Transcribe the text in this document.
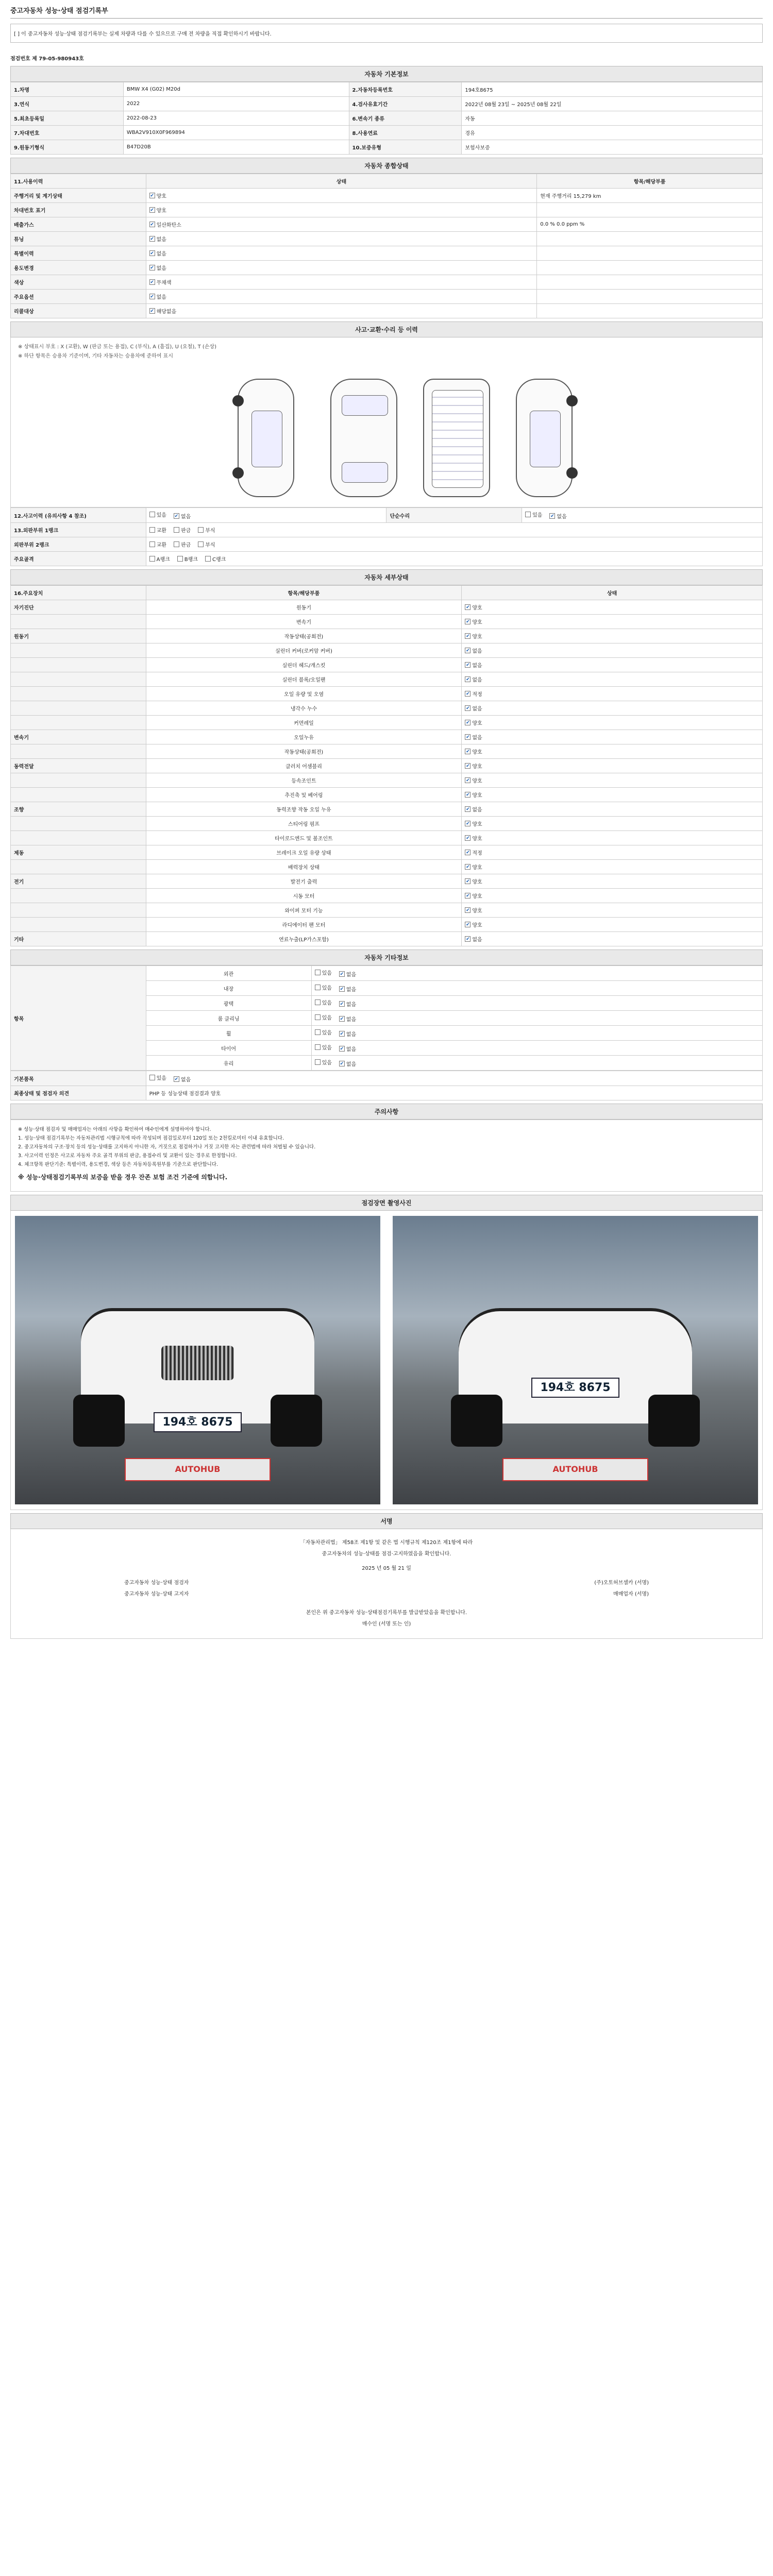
중고자동차 성능·상태 점검기록부
[ ] 이 중고자동차 성능·상태 점검기록부는 실제 차량과 다를 수 있으므로 구매 전 차량을 직접 확인하시기 바랍니다.
점검번호 제 79-05-980943호
자동차 기본정보
1.차명	BMW X4 (G02) M20d	2.자동차등록번호	194호8675
3.연식	2022	4.검사유효기간	2022년 08월 23일 ~ 2025년 08월 22일
5.최초등록일	2022-08-23	6.변속기 종류	자동
7.차대번호	WBA2V910X0F969894	8.사용연료	경유
9.원동기형식	B47D20B	10.보증유형	보험사보증
자동차 종합상태
11.사용이력	상태	항목/해당부품
주행거리 및 계기상태	
✔양호	현재 주행거리 15,279 km
차대번호 표기	
✔양호

배출가스	
✔일산화탄소	0.0 % 0.0 ppm %
튜닝	
✔없음

특별이력	
✔없음

용도변경	
✔없음

색상	
✔무채색

주요옵션	
✔없음

리콜대상	
✔해당없음

사고·교환·수리 등 이력
※ 상태표시 부호 : X (교환), W (판금 또는 용접), C (부식), A (흠집), U (요철), T (손상)
※ 하단 항목은 승용차 기준이며, 기타 자동차는 승용차에 준하여 표시
12.사고이력 (유의사항 4 참조)	있음 ✔ 없음	단순수리	있음 ✔ 없음

13.외판부위 1랭크	교환 판금 부식		
외판부위 2랭크	교환 판금 부식		
주요골격	A랭크 B랭크 C랭크		
자동차 세부상태
16.주요장치	항목/해당부품	상태
자기진단	원동기	
✔양호

	변속기	
✔양호

원동기	작동상태(공회전)	
✔양호

	실린더 커버(로커암 커버)	
✔없음

	실린더 헤드/개스킷	
✔없음

	실린더 블록/오일팬	
✔없음

	오일 유량 및 오염	
✔적정

	냉각수 누수	
✔없음

	커먼레일	
✔양호

변속기	오일누유	
✔없음

	작동상태(공회전)	
✔양호

동력전달	클러치 어셈블리	
✔양호

	등속조인트	
✔양호

	추진축 및 베어링	
✔양호

조향	동력조향 작동 오일 누유	
✔없음

	스티어링 펌프	
✔양호

	타이로드엔드 및 볼조인트	
✔양호

제동	브레이크 오일 유량 상태	
✔적정

	배력장치 상태	
✔양호

전기	발전기 출력	
✔양호

	시동 모터	
✔양호

	와이퍼 모터 기능	
✔양호

	라디에이터 팬 모터	
✔양호

기타	연료누출(LP가스포함)	
✔없음
자동차 기타정보
항목	외관	있음 ✔ 없음

	내장	있음 ✔ 없음

	광택	있음 ✔ 없음

	룸 클리닝	있음 ✔ 없음

	휠	있음 ✔ 없음

	타이어	있음 ✔ 없음

	유리	있음 ✔ 없음
기본품목	있음 ✔ 없음
최종상태 및 점검자 의견	PHP 등 성능상태 점검결과 양호
주의사항
※ 성능·상태 점검자 및 매매업자는 아래의 사항을 확인하여 매수인에게 설명하여야 합니다.
1. 성능·상태 점검기록부는 자동차관리법 시행규칙에 따라 작성되며 점검일로부터 120일 또는 2천킬로미터 이내 유효합니다.
2. 중고자동차의 구조·장치 등의 성능·상태를 고지하지 아니한 자, 거짓으로 점검하거나 거짓 고지한 자는 관련법에 따라 처벌될 수 있습니다.
3. 사고이력 인정은 사고로 자동차 주요 골격 부위의 판금, 용접수리 및 교환이 있는 경우로 한정합니다.
4. 체크항목 판단기준: 특별이력, 용도변경, 색상 등은 자동차등록원부를 기준으로 판단합니다.
※ 성능·상태점검기록부의 보증을 받을 경우 잔존 보험 조건 기준에 의합니다.
점검장면 촬영사진
194호 8675
AUTOHUB
194호 8675
AUTOHUB
서명
「자동차관리법」 제58조 제1항 및 같은 법 시행규칙 제120조 제1항에 따라
중고자동차의 성능·상태를 점검·고지하였음을 확인합니다.
2025 년 05 월 21 일
중고자동차 성능·상태 점검자	(주)오토허브셀카 (서명)
중고자동차 성능·상태 고지자	매매업자 (서명)
본인은 위 중고자동차 성능·상태점검기록부를 발급받았음을 확인합니다.
매수인 (서명 또는 인)
